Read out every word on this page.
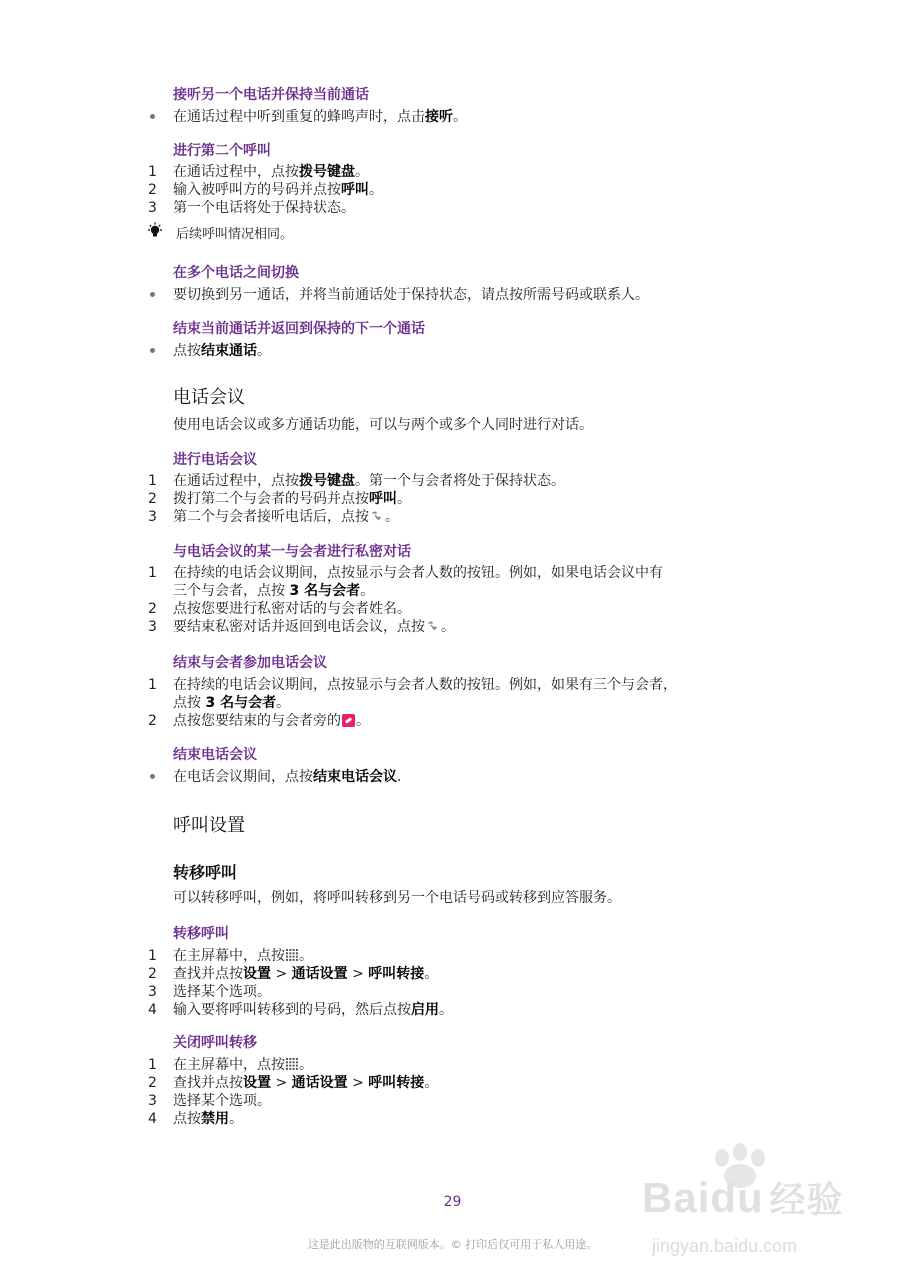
接听另一个电话并保持当前通话
在通话过程中听到重复的蜂鸣声时，点击接听。
进行第二个呼叫
1	在通话过程中，点按拨号键盘。
2	输入被呼叫方的号码并点按呼叫。
3	第一个电话将处于保持状态。
后续呼叫情况相同。
在多个电话之间切换
要切换到另一通话，并将当前通话处于保持状态，请点按所需号码或联系人。
结束当前通话并返回到保持的下一个通话
点按结束通话。
电话会议
使用电话会议或多方通话功能，可以与两个或多个人同时进行对话。
进行电话会议
1	在通话过程中，点按拨号键盘。第一个与会者将处于保持状态。
2	拨打第二个与会者的号码并点按呼叫。
3	第二个与会者接听电话后，点按 。
与电话会议的某一与会者进行私密对话
1	在持续的电话会议期间，点按显示与会者人数的按钮。例如，如果电话会议中有
三个与会者，点按 3 名与会者。
2	点按您要进行私密对话的与会者姓名。
3	要结束私密对话并返回到电话会议，点按 。
结束与会者参加电话会议
1	在持续的电话会议期间，点按显示与会者人数的按钮。例如，如果有三个与会者，
点按 3 名与会者。
2	点按您要结束的与会者旁的 。
结束电话会议
在电话会议期间，点按结束电话会议.
呼叫设置
转移呼叫
可以转移呼叫，例如，将呼叫转移到另一个电话号码或转移到应答服务。
转移呼叫
1	在主屏幕中，点按 。
2	查找并点按设置 > 通话设置 > 呼叫转接。
3	选择某个选项。
4	输入要将呼叫转移到的号码，然后点按启用。
关闭呼叫转移
1	在主屏幕中，点按 。
2	查找并点按设置 > 通话设置 > 呼叫转接。
3	选择某个选项。
4	点按禁用。
29
这是此出版物的互联网版本。© 打印后仅可用于私人用途。
Baidu 经验
jingyan.baidu.com
